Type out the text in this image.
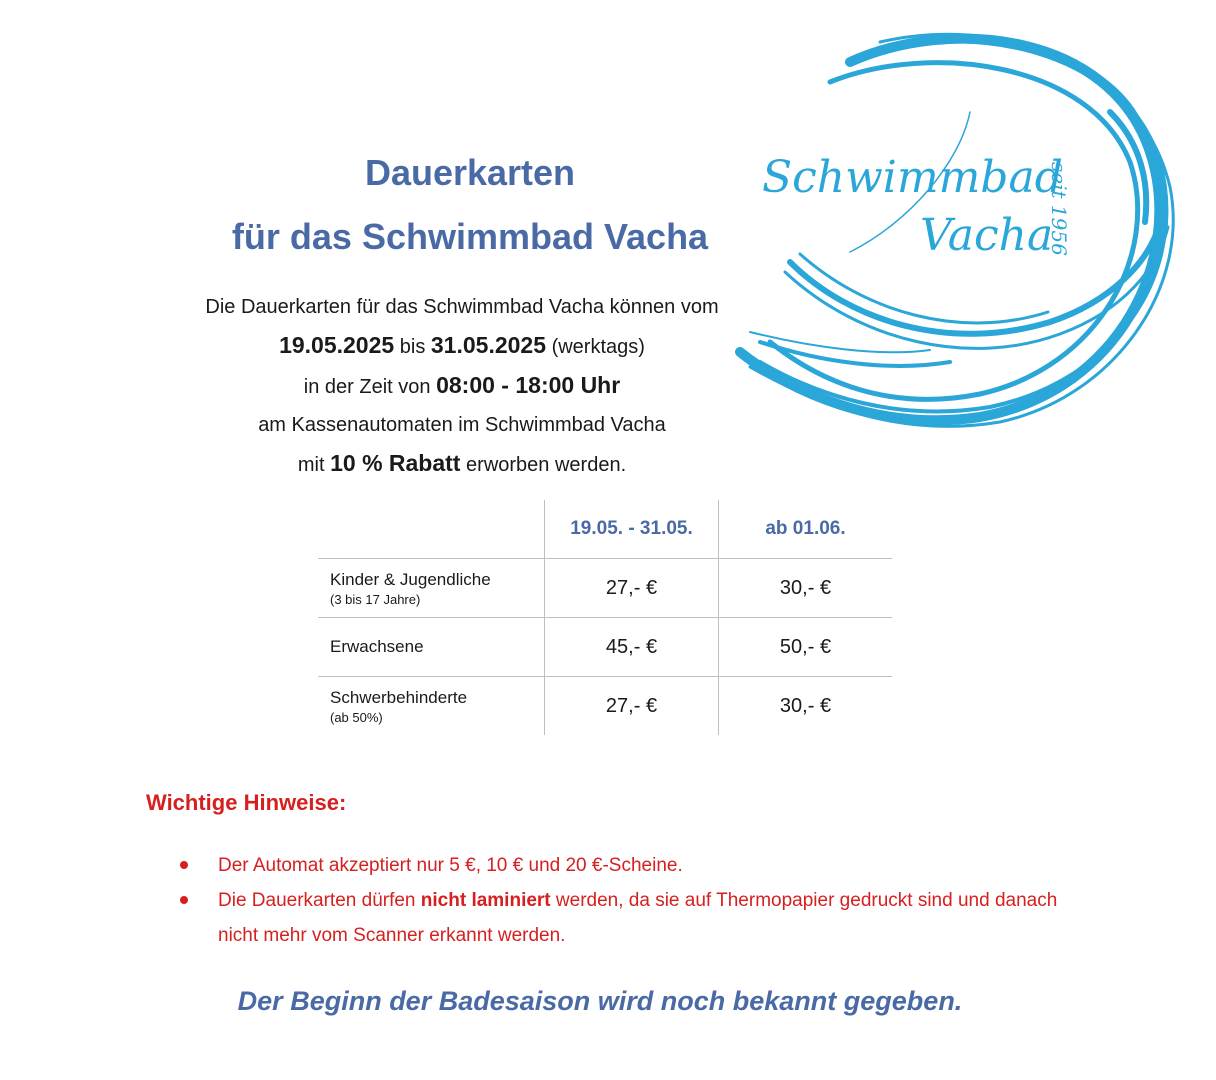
Dauerkarten
für das Schwimmbad Vacha
Schwimmbad
Vacha
seit 1956
Die Dauerkarten für das Schwimmbad Vacha können vom
19.05.2025 bis 31.05.2025 (werktags)
in der Zeit von 08:00 - 18:00 Uhr
am Kassenautomaten im Schwimmbad Vacha
mit 10 % Rabatt erworben werden.
	19.05. - 31.05.	ab 01.06.
Kinder & Jugendliche
(3 bis 17 Jahre)	27,- €	30,- €
Erwachsene	45,- €	50,- €
Schwerbehinderte
(ab 50%)	27,- €	30,- €
Wichtige Hinweise:
Der Automat akzeptiert nur 5 €, 10 € und 20 €-Scheine.
Die Dauerkarten dürfen nicht laminiert werden, da sie auf Thermopapier gedruckt sind und danach nicht mehr vom Scanner erkannt werden.

Der Beginn der Badesaison wird noch bekannt gegeben.
